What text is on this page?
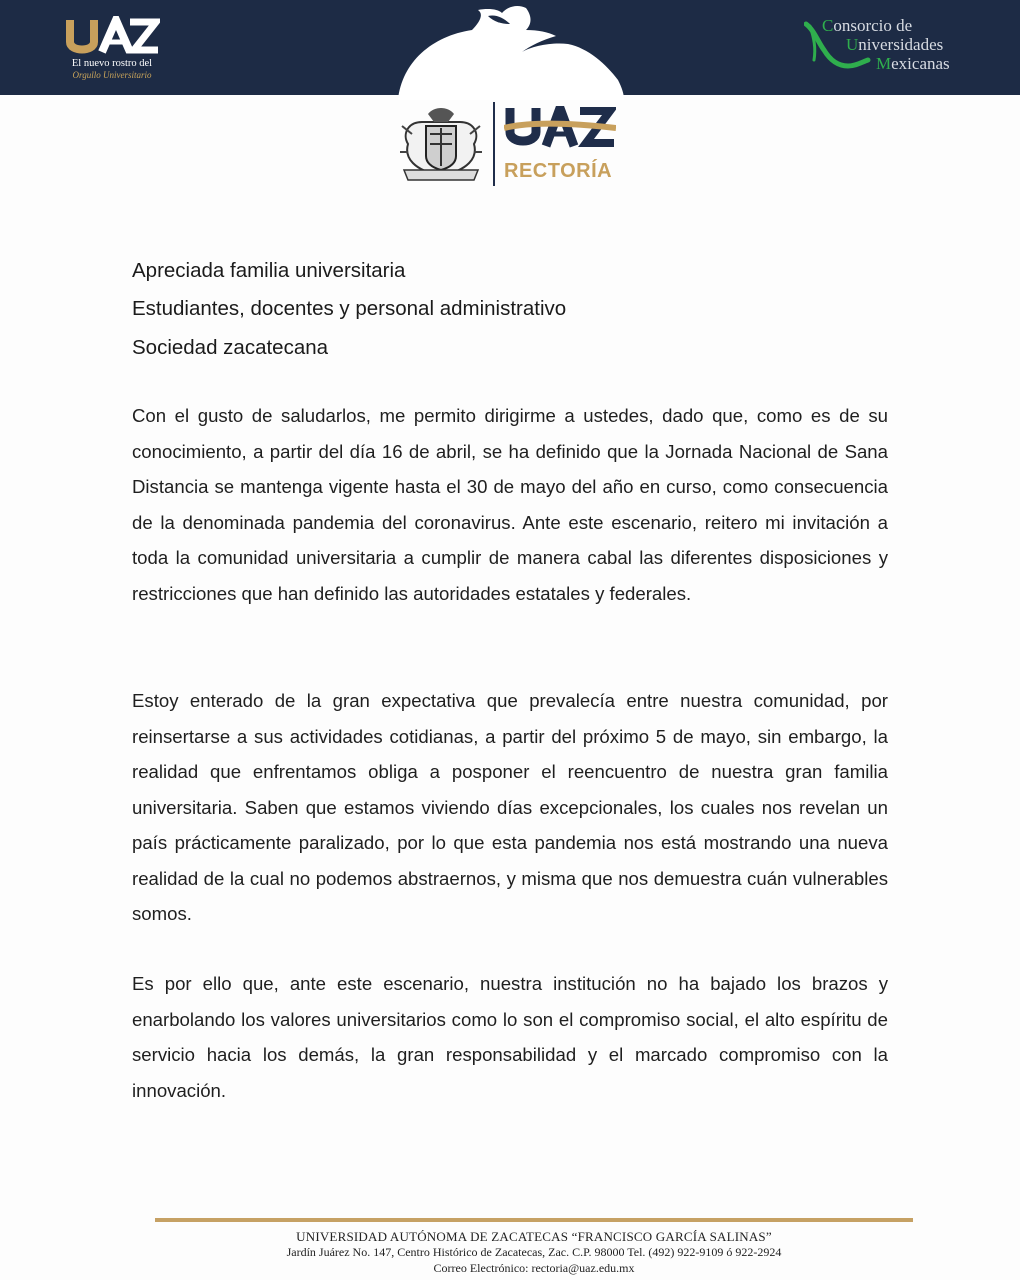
El nuevo rostro del
Orgullo Universitario
Consorcio de
Universidades
Mexicanas
RECTORÍA

Apreciada familia universitaria

Estudiantes, docentes y personal administrativo

Sociedad zacatecana

Con el gusto de saludarlos, me permito dirigirme a ustedes, dado que, como es de su conocimiento, a partir del día 16 de abril, se ha definido que la Jornada Nacional de Sana Distancia se mantenga vigente hasta el 30 de mayo del año en curso, como consecuencia de la denominada pandemia del coronavirus. Ante este escenario, reitero mi invitación a toda la comunidad universitaria a cumplir de manera cabal las diferentes disposiciones y restricciones que han definido las autoridades estatales y federales.

Estoy enterado de la gran expectativa que prevalecía entre nuestra comunidad, por reinsertarse a sus actividades cotidianas, a partir del próximo 5 de mayo, sin embargo, la realidad que enfrentamos obliga a posponer el reencuentro de nuestra gran familia universitaria. Saben que estamos viviendo días excepcionales, los cuales nos revelan un país prácticamente paralizado, por lo que esta pandemia nos está mostrando una nueva realidad de la cual no podemos abstraernos, y misma que nos demuestra cuán vulnerables somos.

Es por ello que, ante este escenario, nuestra institución no ha bajado los brazos y enarbolando los valores universitarios como lo son el compromiso social, el alto espíritu de servicio hacia los demás, la gran responsabilidad y el marcado compromiso con la innovación.

UNIVERSIDAD AUTÓNOMA DE ZACATECAS “FRANCISCO GARCÍA SALINAS”
Jardín Juárez No. 147, Centro Histórico de Zacatecas, Zac. C.P. 98000 Tel. (492) 922-9109 ó 922-2924
Correo Electrónico: rectoria@uaz.edu.mx
